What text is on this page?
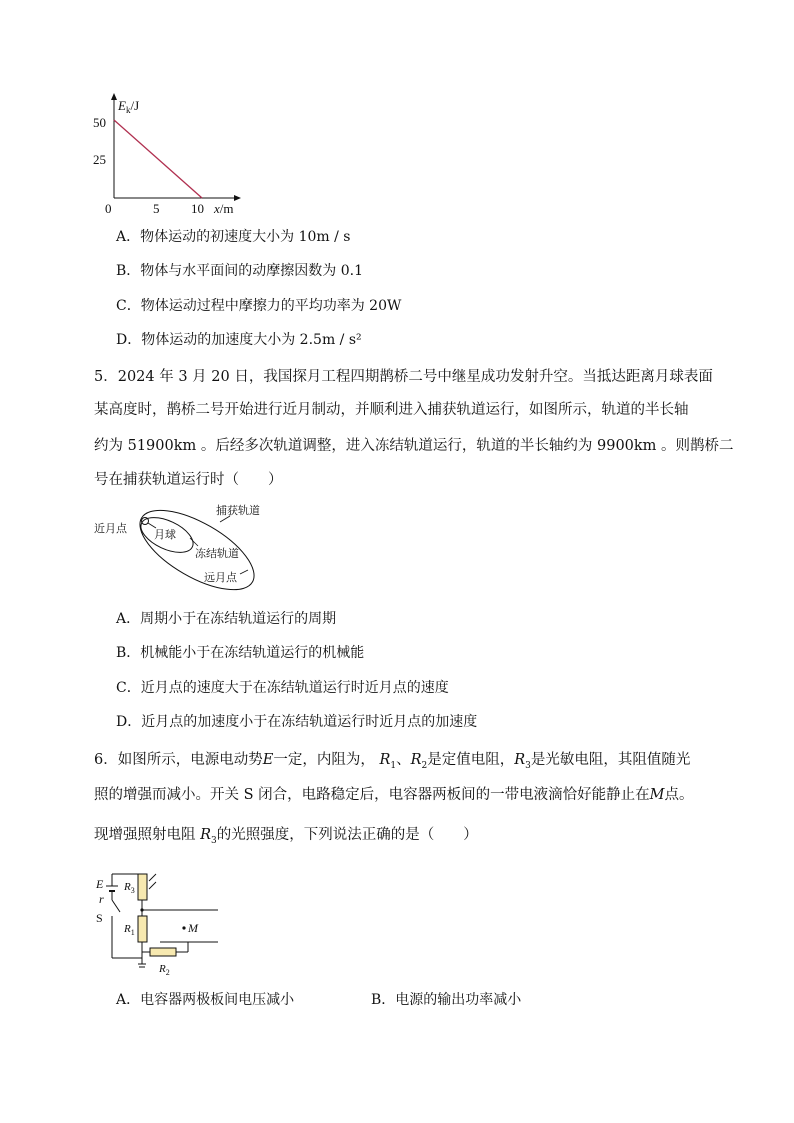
$E_k/J$
x/m
50
25
0	5 10
A．物体运动的初速度大小为 10m / s
B．物体与水平面间的动摩擦因数为 0.1
C．物体运动过程中摩擦力的平均功率为 20W
D．物体运动的加速度大小为 2.5m / s²
5．2024 年 3 月 20 日，我国探月工程四期鹊桥二号中继星成功发射升空。当抵达距离月球表面
某高度时，鹊桥二号开始进行近月制动，并顺利进入捕获轨道运行，如图所示，轨道的半长轴
约为 51900km 。后经多次轨道调整，进入冻结轨道运行，轨道的半长轴约为 9900km 。则鹊桥二
号在捕获轨道运行时（　　）
捕获轨道
近月点 月球
冻结轨道
远月点
A．周期小于在冻结轨道运行的周期
B．机械能小于在冻结轨道运行的机械能
C．近月点的速度大于在冻结轨道运行时近月点的速度
D．近月点的加速度小于在冻结轨道运行时近月点的加速度
6．如图所示，电源电动势E一定，内阻为， $R_1$、$R_2$是定值电阻，$R_3$是光敏电阻，其阻值随光
照的增强而减小。开关 S 闭合，电路稳定后，电容器两板间的一带电液滴恰好能静止在M点。
现增强照射电阻 $R_3$的光照强度，下列说法正确的是（　　）
E
r
S
$R_3$
$R_1$
$R_2$
M
A．电容器两极板间电压减小	B．电源的输出功率减小
